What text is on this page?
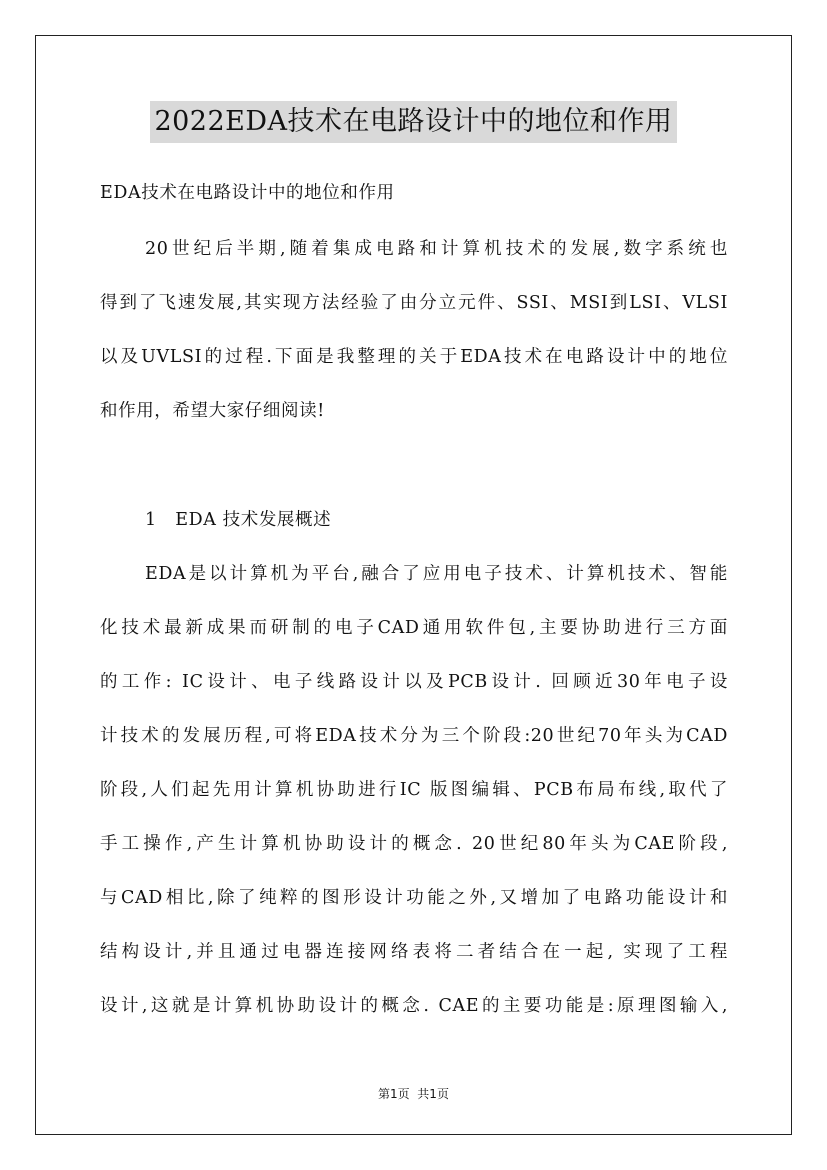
2022EDA技术在电路设计中的地位和作用
EDA技术在电路设计中的地位和作用
20世纪后半期,随着集成电路和计算机技术的发展,数字系统也
得到了飞速发展,其实现方法经验了由分立元件、SSI、MSI到LSI、VLSI
以及UVLSI的过程.下面是我整理的关于EDA技术在电路设计中的地位
和作用，希望大家仔细阅读!
1   EDA 技术发展概述
EDA是以计算机为平台,融合了应用电子技术、计算机技术、智能
化技术最新成果而研制的电子CAD通用软件包,主要协助进行三方面
的工作: IC设计、电子线路设计以及PCB设计. 回顾近30年电子设
计技术的发展历程,可将EDA技术分为三个阶段:20世纪70年头为CAD
阶段,人们起先用计算机协助进行IC 版图编辑、PCB布局布线,取代了
手工操作,产生计算机协助设计的概念. 20世纪80年头为CAE阶段,
与CAD相比,除了纯粹的图形设计功能之外,又增加了电路功能设计和
结构设计,并且通过电器连接网络表将二者结合在一起, 实现了工程
设计,这就是计算机协助设计的概念. CAE的主要功能是:原理图输入,
第1页  共1页
